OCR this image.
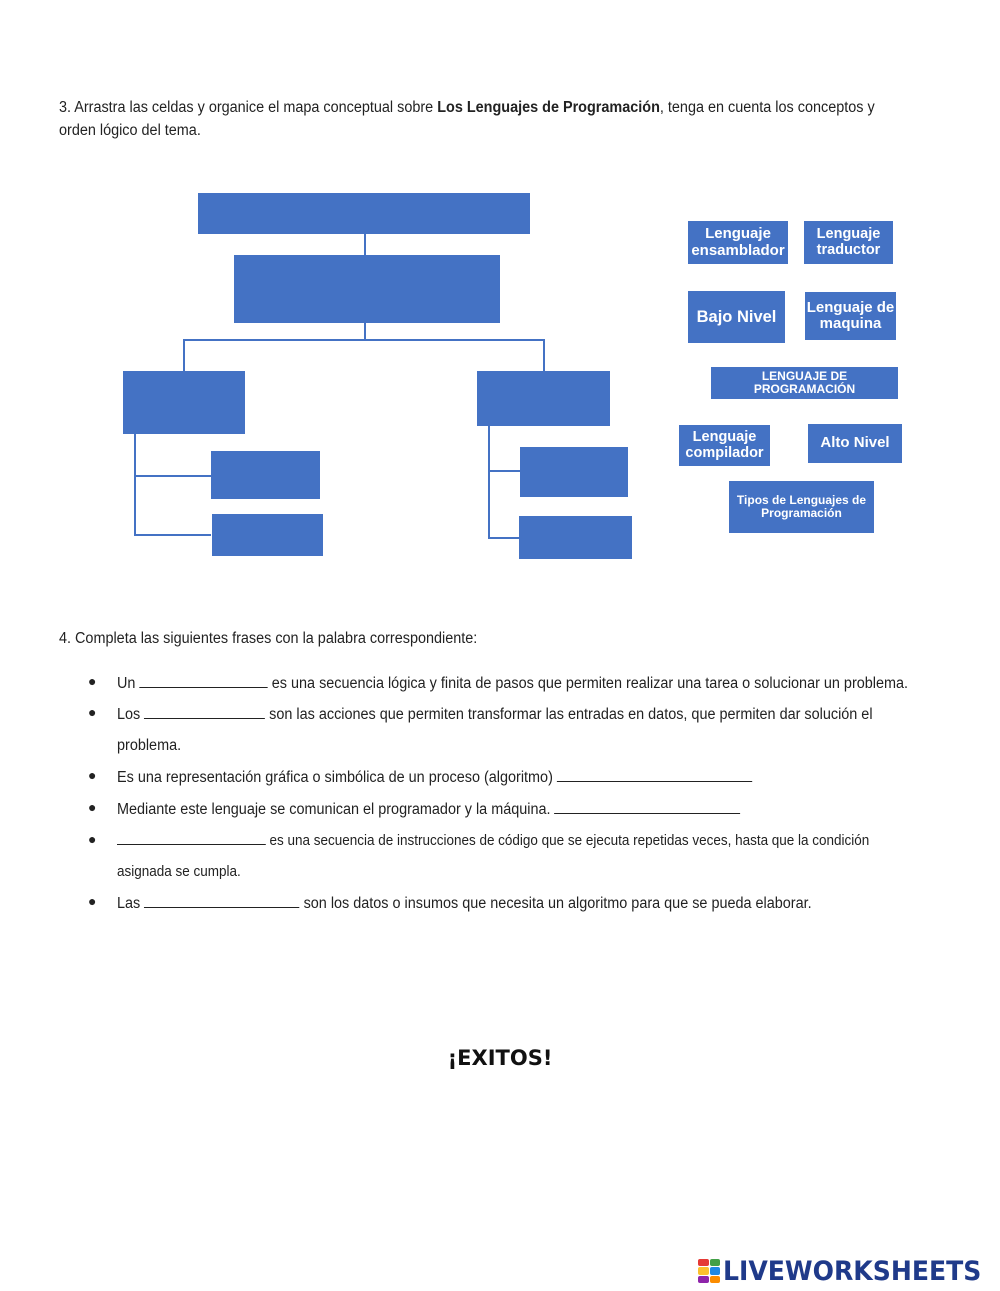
3. Arrastra las celdas y organice el mapa conceptual sobre Los Lenguajes de Programación, tenga en cuenta los conceptos y orden lógico del tema.
Lenguaje
ensamblador
Lenguaje
traductor
Bajo Nivel
Lenguaje de
maquina
LENGUAJE DE PROGRAMACIÓN
Lenguaje
compilador
Alto Nivel
Tipos de Lenguajes de
Programación
4. Completa las siguientes frases con la palabra correspondiente:
● Un	es una secuencia lógica y finita de pasos que permiten realizar una tarea o solucionar un problema.
● Los	son las acciones que permiten transformar las entradas en datos, que permiten dar solución el problema.
● Es una representación gráfica o simbólica de un proceso (algoritmo)
● Mediante este lenguaje se comunican el programador y la máquina.
●	es una secuencia de instrucciones de código que se ejecuta repetidas veces, hasta que la condición asignada se cumpla.
● Las	son los datos o insumos que necesita un algoritmo para que se pueda elaborar.
¡EXITOS!
LIVEWORKSHEETS
